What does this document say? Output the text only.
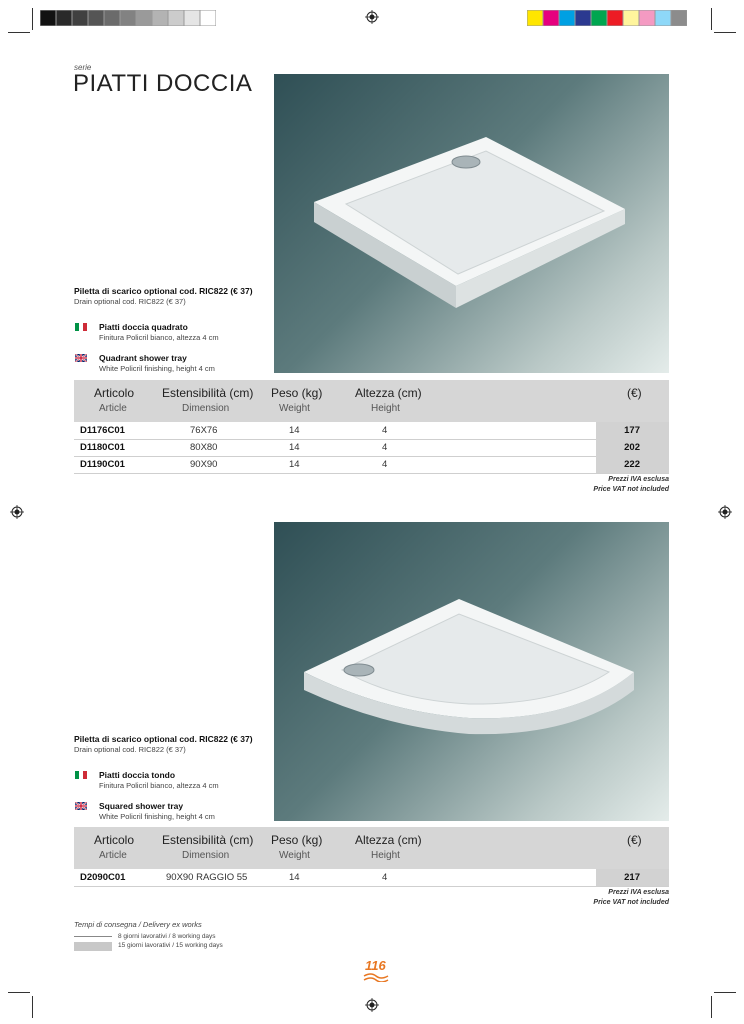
serie
PIATTI DOCCIA
Piletta di scarico optional cod. RIC822 (€ 37)
Drain optional cod. RIC822 (€ 37)
Piatti doccia quadrato
Finitura Policril bianco, altezza 4 cm
Quadrant shower tray
White Policril finishing, height 4 cm
Articolo
Article
Estensibilità (cm)
Dimension
Peso (kg)
Weight
Altezza (cm)
Height
(€)
D1176C01	76X76	14	4	177
D1180C01	80X80	14	4	202
D1190C01	90X90	14	4	222
Prezzi IVA esclusa
Price VAT not included
Piletta di scarico optional cod. RIC822 (€ 37)
Drain optional cod. RIC822 (€ 37)
Piatti doccia tondo
Finitura Policril bianco, altezza 4 cm
Squared shower tray
White Policril finishing, height 4 cm
Articolo
Article
Estensibilità (cm)
Dimension
Peso (kg)
Weight
Altezza (cm)
Height
(€)
D2090C01	90X90 RAGGIO 55	14	4	217
Prezzi IVA esclusa
Price VAT not included
Tempi di consegna / Delivery ex works
8 giorni lavorativi / 8 working days
15 giorni lavorativi / 15 working days
116
